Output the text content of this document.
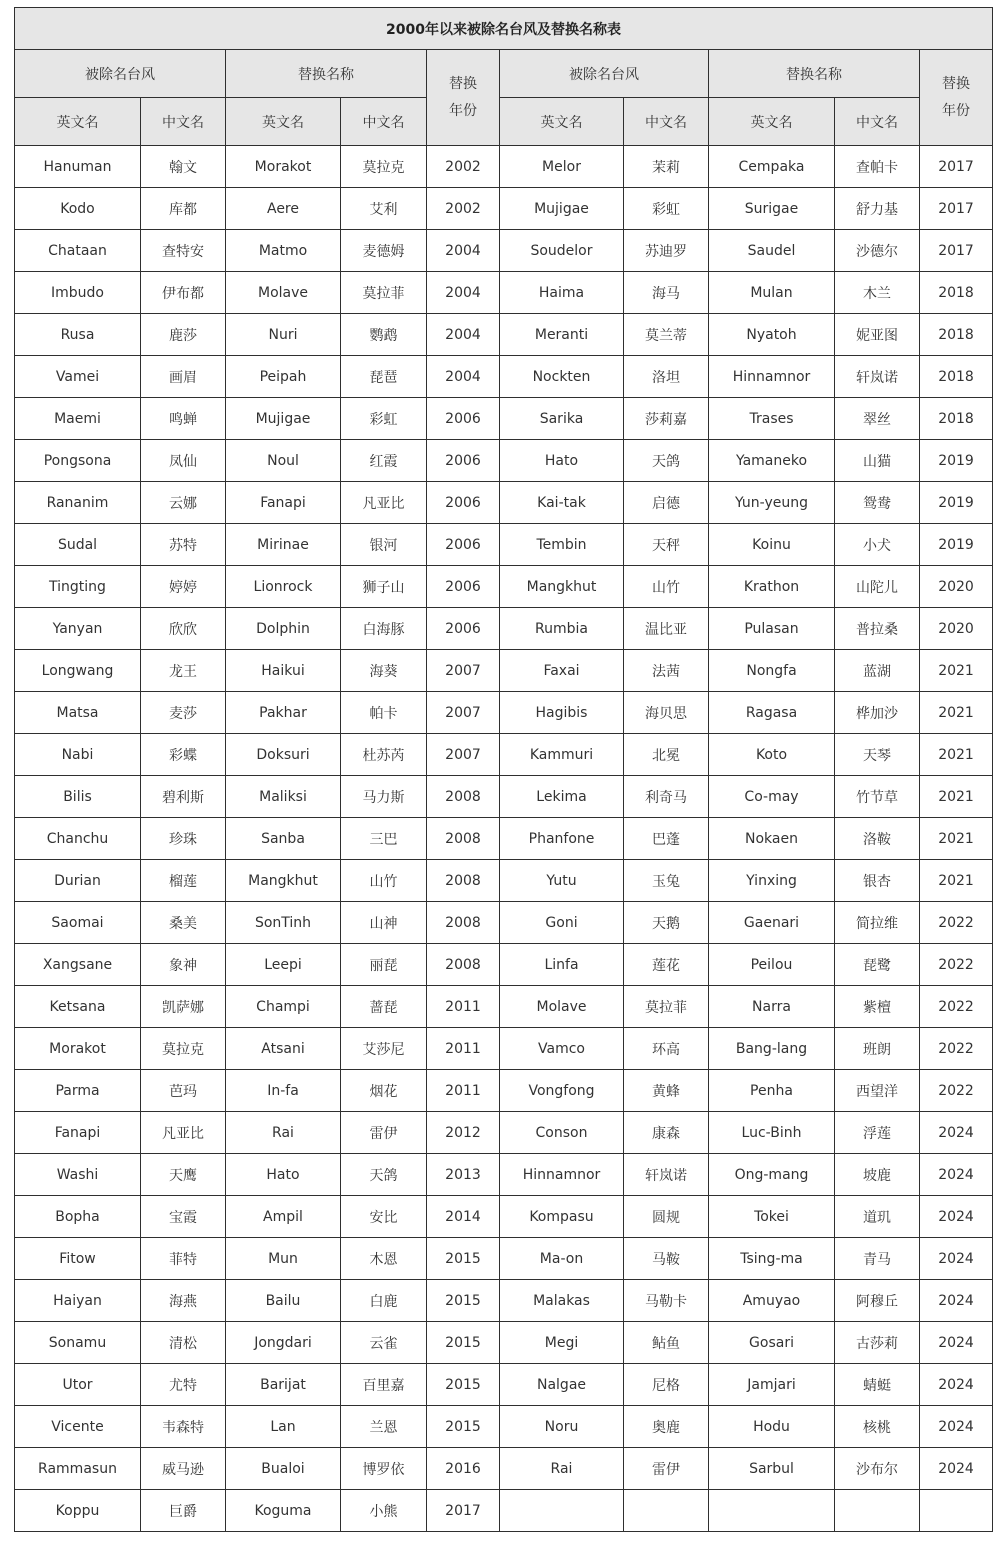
2000年以来被除名台风及替换名称表									
被除名台风		替换名称		替换
年份	被除名台风		替换名称		替换
年份
英文名	中文名	英文名	中文名		英文名	中文名	英文名	中文名	
Hanuman	翰文	Morakot	莫拉克	2002	Melor	茉莉	Cempaka	查帕卡	2017
Kodo	库都	Aere	艾利	2002	Mujigae	彩虹	Surigae	舒力基	2017
Chataan	查特安	Matmo	麦德姆	2004	Soudelor	苏迪罗	Saudel	沙德尔	2017
Imbudo	伊布都	Molave	莫拉菲	2004	Haima	海马	Mulan	木兰	2018
Rusa	鹿莎	Nuri	鹦鹉	2004	Meranti	莫兰蒂	Nyatoh	妮亚图	2018
Vamei	画眉	Peipah	琵琶	2004	Nockten	洛坦	Hinnamnor	轩岚诺	2018
Maemi	鸣蝉	Mujigae	彩虹	2006	Sarika	莎莉嘉	Trases	翠丝	2018
Pongsona	凤仙	Noul	红霞	2006	Hato	天鸽	Yamaneko	山猫	2019
Rananim	云娜	Fanapi	凡亚比	2006	Kai-tak	启德	Yun-yeung	鸳鸯	2019
Sudal	苏特	Mirinae	银河	2006	Tembin	天秤	Koinu	小犬	2019
Tingting	婷婷	Lionrock	狮子山	2006	Mangkhut	山竹	Krathon	山陀儿	2020
Yanyan	欣欣	Dolphin	白海豚	2006	Rumbia	温比亚	Pulasan	普拉桑	2020
Longwang	龙王	Haikui	海葵	2007	Faxai	法茜	Nongfa	蓝湖	2021
Matsa	麦莎	Pakhar	帕卡	2007	Hagibis	海贝思	Ragasa	桦加沙	2021
Nabi	彩蝶	Doksuri	杜苏芮	2007	Kammuri	北冕	Koto	天琴	2021
Bilis	碧利斯	Maliksi	马力斯	2008	Lekima	利奇马	Co-may	竹节草	2021
Chanchu	珍珠	Sanba	三巴	2008	Phanfone	巴蓬	Nokaen	洛鞍	2021
Durian	榴莲	Mangkhut	山竹	2008	Yutu	玉兔	Yinxing	银杏	2021
Saomai	桑美	SonTinh	山神	2008	Goni	天鹅	Gaenari	简拉维	2022
Xangsane	象神	Leepi	丽琵	2008	Linfa	莲花	Peilou	琵鹭	2022
Ketsana	凯萨娜	Champi	蔷琵	2011	Molave	莫拉菲	Narra	紫檀	2022
Morakot	莫拉克	Atsani	艾莎尼	2011	Vamco	环高	Bang-lang	班朗	2022
Parma	芭玛	In-fa	烟花	2011	Vongfong	黄蜂	Penha	西望洋	2022
Fanapi	凡亚比	Rai	雷伊	2012	Conson	康森	Luc-Binh	浮莲	2024
Washi	天鹰	Hato	天鸽	2013	Hinnamnor	轩岚诺	Ong-mang	坡鹿	2024
Bopha	宝霞	Ampil	安比	2014	Kompasu	圆规	Tokei	道玑	2024
Fitow	菲特	Mun	木恩	2015	Ma-on	马鞍	Tsing-ma	青马	2024
Haiyan	海燕	Bailu	白鹿	2015	Malakas	马勒卡	Amuyao	阿穆丘	2024
Sonamu	清松	Jongdari	云雀	2015	Megi	鲇鱼	Gosari	古莎莉	2024
Utor	尤特	Barijat	百里嘉	2015	Nalgae	尼格	Jamjari	蜻蜓	2024
Vicente	韦森特	Lan	兰恩	2015	Noru	奥鹿	Hodu	核桃	2024
Rammasun	威马逊	Bualoi	博罗依	2016	Rai	雷伊	Sarbul	沙布尔	2024
Koppu	巨爵	Koguma	小熊	2017					
